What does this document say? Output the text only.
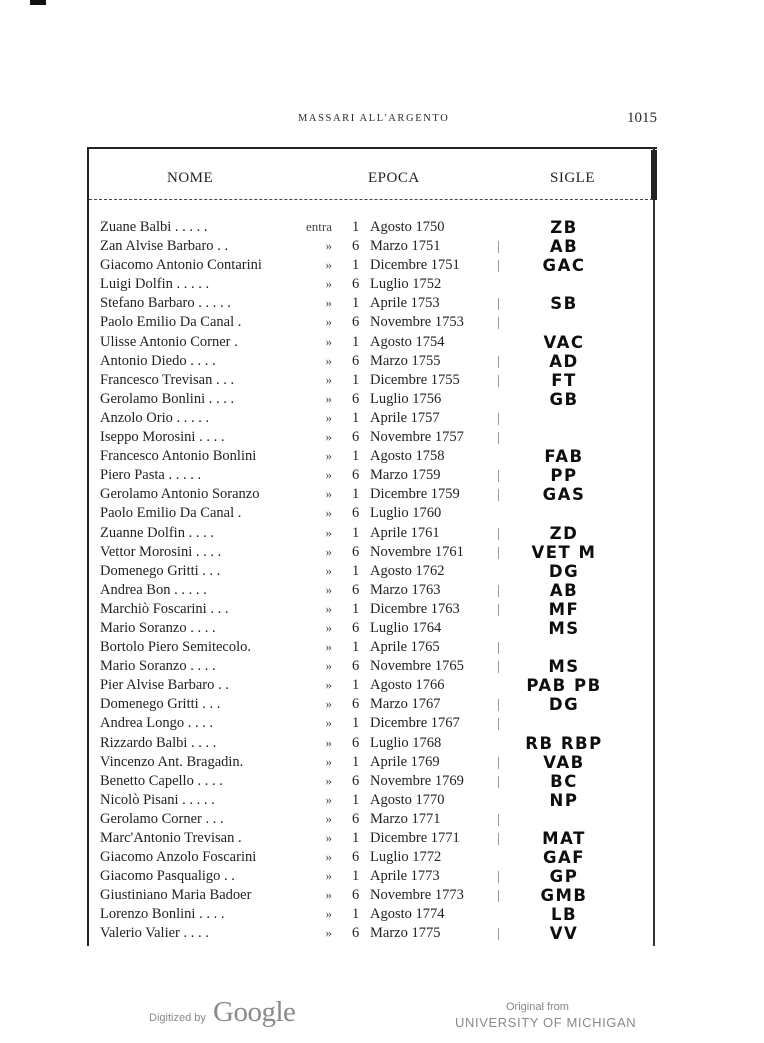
MASSARI ALL'ARGENTO	1015
NOME	EPOCA	SIGLE
Zuane Balbi . . . . .	entra 1 Agosto 1750	ZB
Zan Alvise Barbaro . .	» 6 Marzo 1751	AB
Giacomo Antonio Contarini	» 1 Dicembre 1751	GAC
Luigi Dolfin . . . . .	» 6 Luglio 1752
Stefano Barbaro . . . . .	» 1 Aprile 1753	SB
Paolo Emilio Da Canal .	» 6 Novembre 1753
Ulisse Antonio Corner .	» 1 Agosto 1754	VAC
Antonio Diedo . . . .	» 6 Marzo 1755	AD
Francesco Trevisan . . .	» 1 Dicembre 1755	FT
Gerolamo Bonlini . . . .	» 6 Luglio 1756	GB
Anzolo Orio . . . . .	» 1 Aprile 1757
Iseppo Morosini . . . .	» 6 Novembre 1757
Francesco Antonio Bonlini	» 1 Agosto 1758	FAB
Piero Pasta . . . . .	» 6 Marzo 1759	PP
Gerolamo Antonio Soranzo	» 1 Dicembre 1759	GAS
Paolo Emilio Da Canal .	» 6 Luglio 1760
Zuanne Dolfin . . . .	» 1 Aprile 1761	ZD
Vettor Morosini . . . .	» 6 Novembre 1761	VET M
Domenego Gritti . . .	» 1 Agosto 1762	DG
Andrea Bon . . . . .	» 6 Marzo 1763	AB
Marchiò Foscarini . . .	» 1 Dicembre 1763	MF
Mario Soranzo . . . .	» 6 Luglio 1764	MS
Bortolo Piero Semitecolo.	» 1 Aprile 1765
Mario Soranzo . . . .	» 6 Novembre 1765	MS
Pier Alvise Barbaro . .	» 1 Agosto 1766	PAB PB
Domenego Gritti . . .	» 6 Marzo 1767	DG
Andrea Longo . . . .	» 1 Dicembre 1767
Rizzardo Balbi . . . .	» 6 Luglio 1768	RB RBP
Vincenzo Ant. Bragadin.	» 1 Aprile 1769	VAB
Benetto Capello . . . .	» 6 Novembre 1769	BC
Nicolò Pisani . . . . .	» 1 Agosto 1770	NP
Gerolamo Corner . . .	» 6 Marzo 1771
Marc'Antonio Trevisan .	» 1 Dicembre 1771	MAT
Giacomo Anzolo Foscarini	» 6 Luglio 1772	GAF
Giacomo Pasqualigo . .	» 1 Aprile 1773	GP
Giustiniano Maria Badoer	» 6 Novembre 1773	GMB
Lorenzo Bonlini . . . .	» 1 Agosto 1774	LB
Valerio Valier . . . .	» 6 Marzo 1775	VV
Digitized by Google	Original from
UNIVERSITY OF MICHIGAN
